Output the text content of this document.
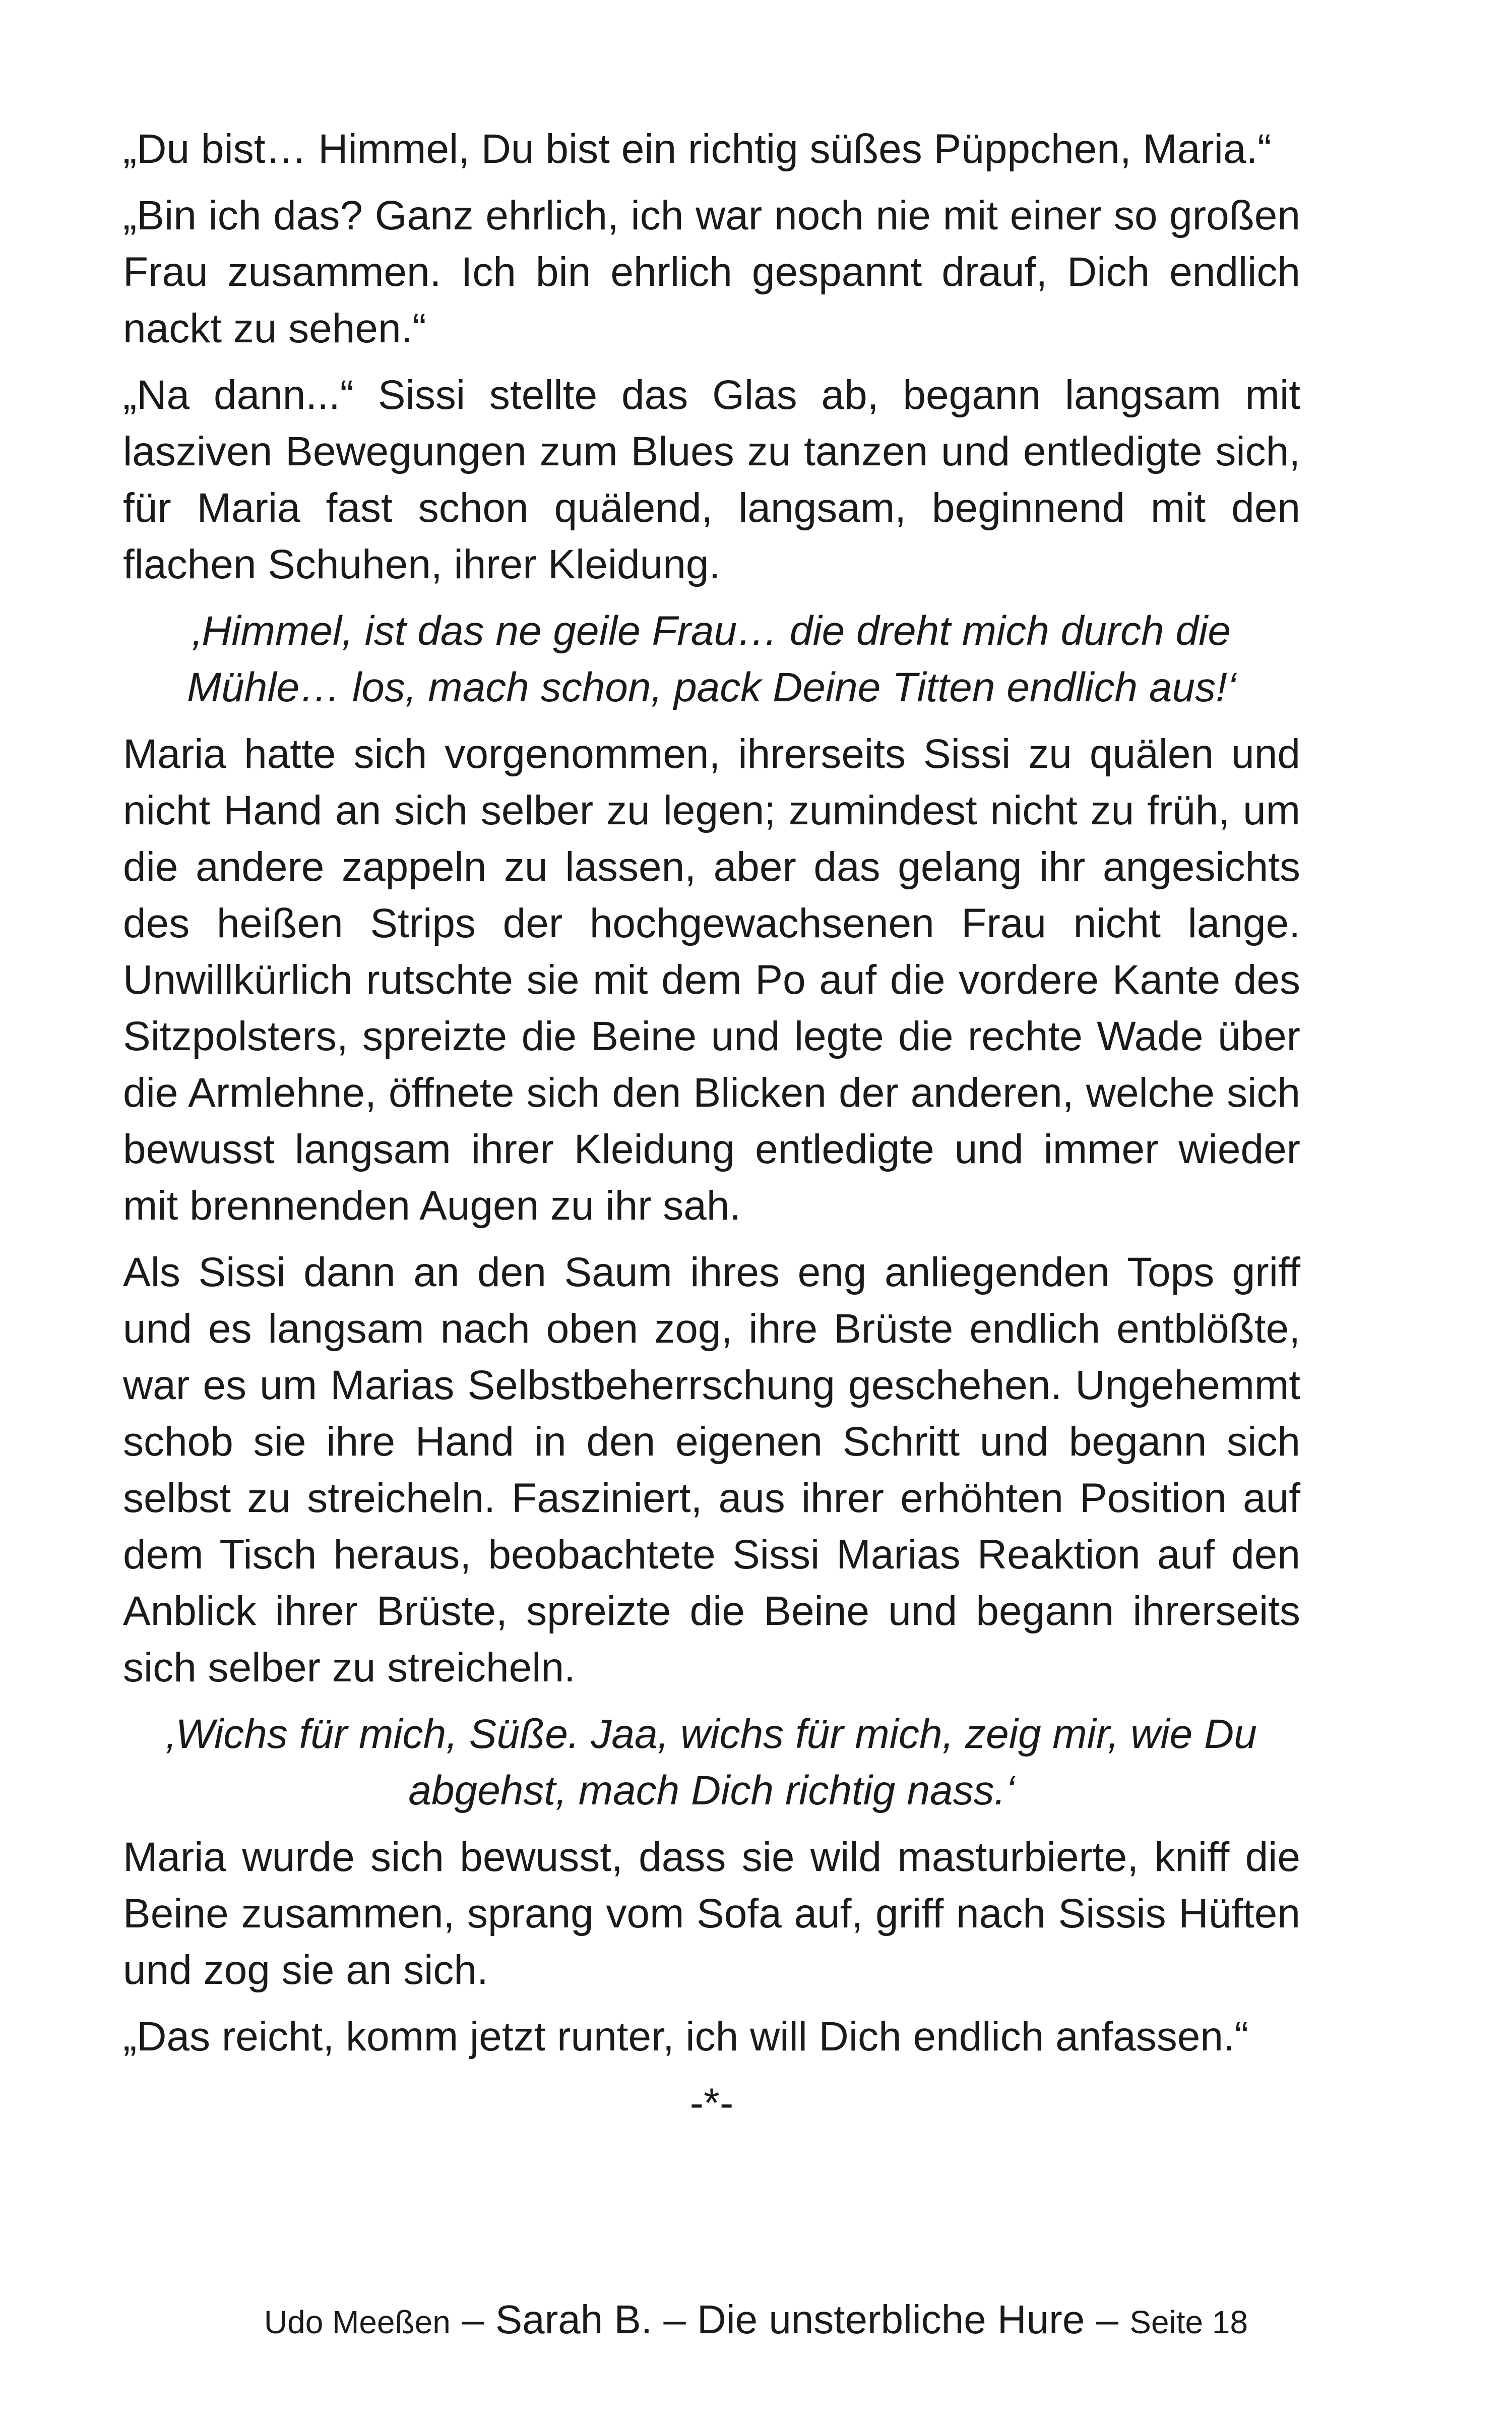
„Du bist… Himmel, Du bist ein richtig süßes Püppchen, Maria.“

„Bin ich das? Ganz ehrlich, ich war noch nie mit einer so großen Frau zusammen. Ich bin ehrlich gespannt drauf, Dich endlich nackt zu sehen.“

„Na dann...“ Sissi stellte das Glas ab, begann langsam mit lasziven Bewegungen zum Blues zu tanzen und entledigte sich, für Maria fast schon quälend, langsam, beginnend mit den flachen Schuhen, ihrer Kleidung.

‚Himmel, ist das ne geile Frau… die dreht mich durch die Mühle… los, mach schon, pack Deine Titten endlich aus!‘

Maria hatte sich vorgenommen, ihrerseits Sissi zu quälen und nicht Hand an sich selber zu legen; zumindest nicht zu früh, um die andere zappeln zu lassen, aber das gelang ihr angesichts des heißen Strips der hochgewachsenen Frau nicht lange. Unwillkürlich rutschte sie mit dem Po auf die vordere Kante des Sitzpolsters, spreizte die Beine und legte die rechte Wade über die Armlehne, öffnete sich den Blicken der anderen, welche sich bewusst langsam ihrer Kleidung entledigte und immer wieder mit brennenden Augen zu ihr sah.

Als Sissi dann an den Saum ihres eng anliegenden Tops griff und es langsam nach oben zog, ihre Brüste endlich entblößte, war es um Marias Selbstbeherrschung geschehen. Ungehemmt schob sie ihre Hand in den eigenen Schritt und begann sich selbst zu streicheln. Fasziniert, aus ihrer erhöhten Position auf dem Tisch heraus, beobachtete Sissi Marias Reaktion auf den Anblick ihrer Brüste, spreizte die Beine und begann ihrerseits sich selber zu streicheln.

‚Wichs für mich, Süße. Jaa, wichs für mich, zeig mir, wie Du abgehst, mach Dich richtig nass.‘

Maria wurde sich bewusst, dass sie wild masturbierte, kniff die Beine zusammen, sprang vom Sofa auf, griff nach Sissis Hüften und zog sie an sich.

„Das reicht, komm jetzt runter, ich will Dich endlich anfassen.“

-*-

Udo Meeßen – Sarah B. – Die unsterbliche Hure – Seite 18
